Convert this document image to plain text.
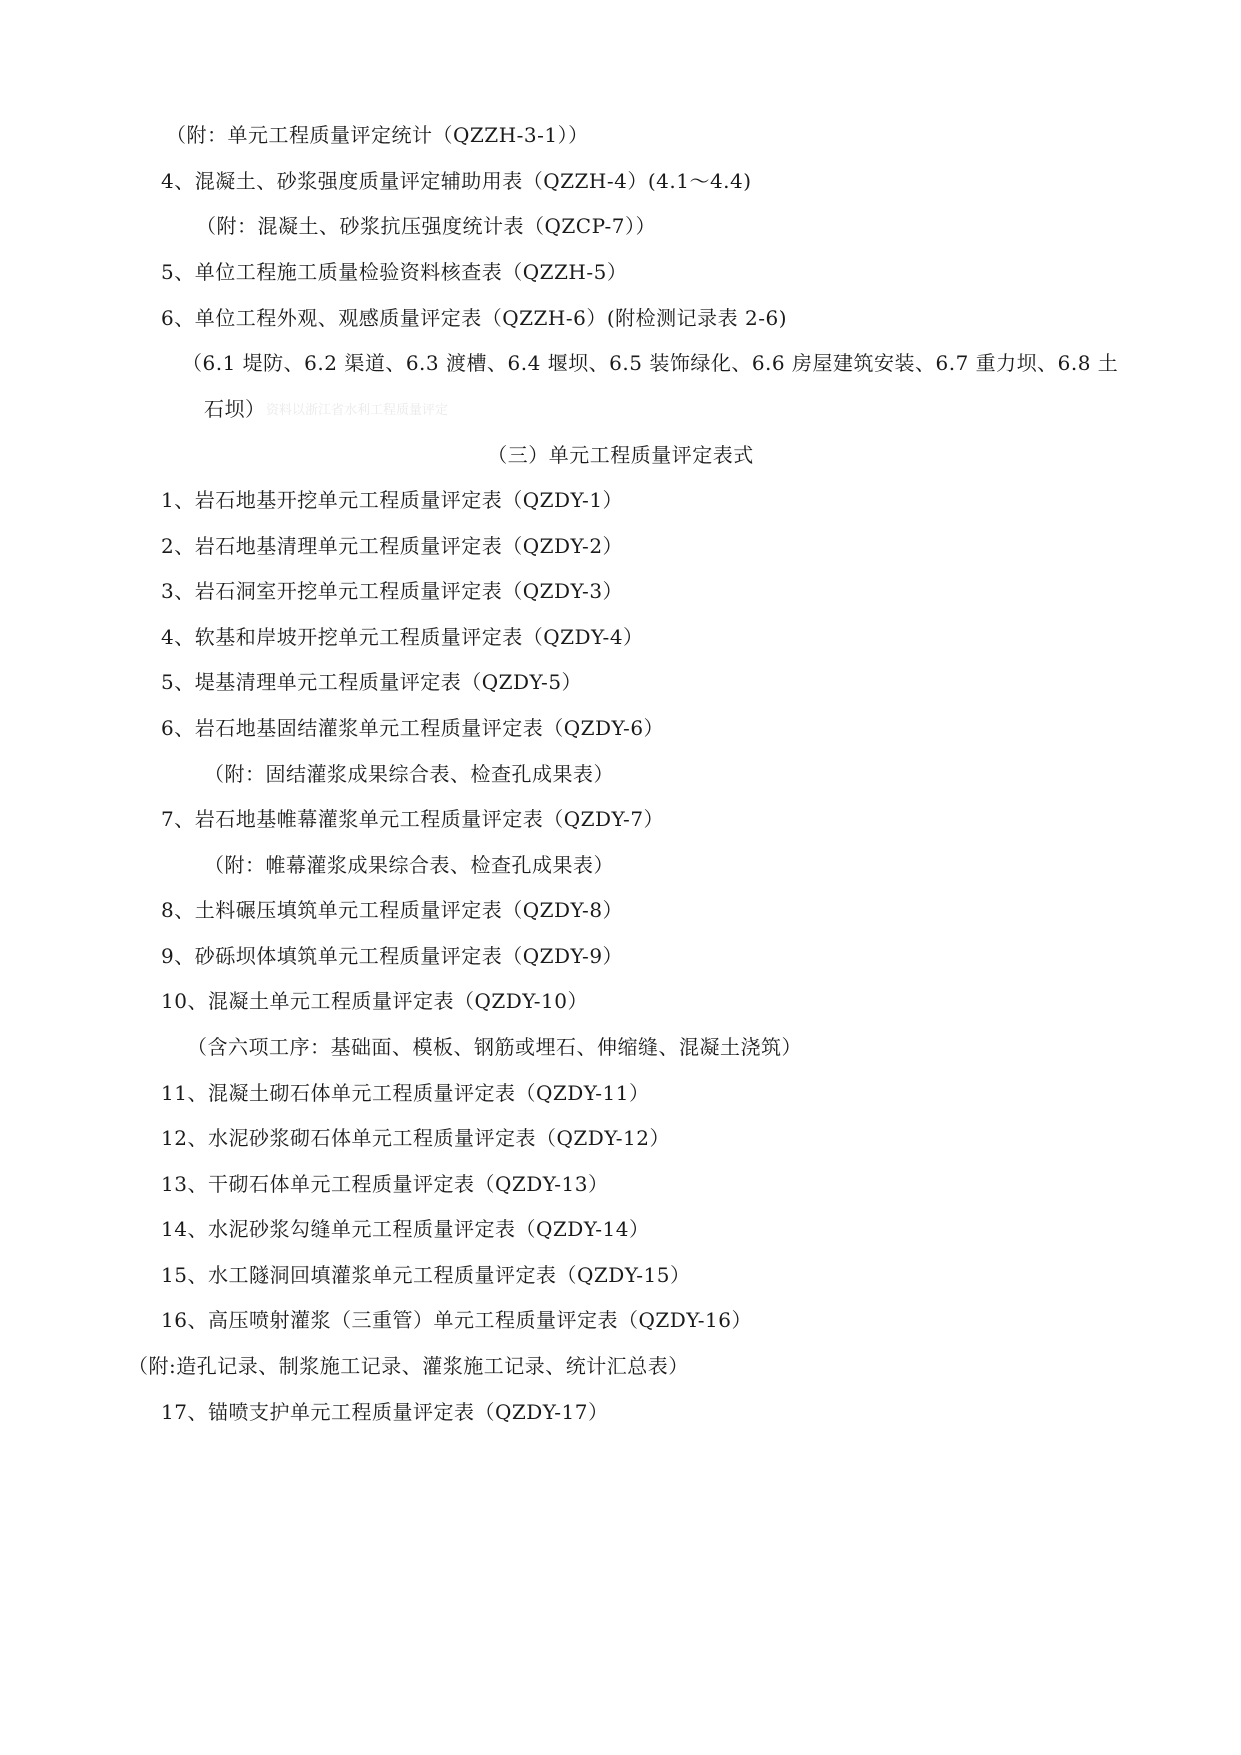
（附：单元工程质量评定统计（QZZH-3-1））
4、混凝土、砂浆强度质量评定辅助用表（QZZH-4）(4.1～4.4)
（附：混凝土、砂浆抗压强度统计表（QZCP-7））
5、单位工程施工质量检验资料核查表（QZZH-5）
6、单位工程外观、观感质量评定表（QZZH-6）(附检测记录表 2-6)
（6.1 堤防、6.2 渠道、6.3 渡槽、6.4 堰坝、6.5 装饰绿化、6.6 房屋建筑安装、6.7 重力坝、6.8 土
石坝） 资料以浙江省水利工程质量评定
（三）单元工程质量评定表式
1、岩石地基开挖单元工程质量评定表（QZDY-1）
2、岩石地基清理单元工程质量评定表（QZDY-2）
3、岩石洞室开挖单元工程质量评定表（QZDY-3）
4、软基和岸坡开挖单元工程质量评定表（QZDY-4）
5、堤基清理单元工程质量评定表（QZDY-5）
6、岩石地基固结灌浆单元工程质量评定表（QZDY-6）
（附：固结灌浆成果综合表、检查孔成果表）
7、岩石地基帷幕灌浆单元工程质量评定表（QZDY-7）
（附：帷幕灌浆成果综合表、检查孔成果表）
8、土料碾压填筑单元工程质量评定表（QZDY-8）
9、砂砾坝体填筑单元工程质量评定表（QZDY-9）
10、混凝土单元工程质量评定表（QZDY-10）
（含六项工序：基础面、模板、钢筋或埋石、伸缩缝、混凝土浇筑）
11、混凝土砌石体单元工程质量评定表（QZDY-11）
12、水泥砂浆砌石体单元工程质量评定表（QZDY-12）
13、干砌石体单元工程质量评定表（QZDY-13）
14、水泥砂浆勾缝单元工程质量评定表（QZDY-14）
15、水工隧洞回填灌浆单元工程质量评定表（QZDY-15）
16、高压喷射灌浆（三重管）单元工程质量评定表（QZDY-16）
（附:造孔记录、制浆施工记录、灌浆施工记录、统计汇总表）
17、锚喷支护单元工程质量评定表（QZDY-17）
